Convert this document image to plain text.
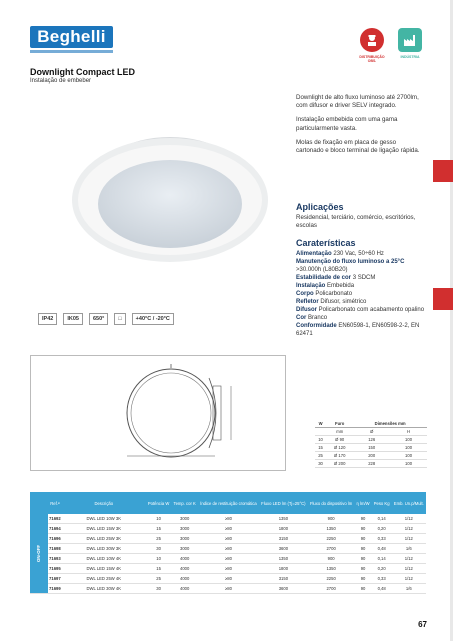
Beghelli
DISTRIBUIÇÃO OBS.
INDÚSTRIA
Downlight Compact LED
Instalação de embeber

Downlight de alto fluxo luminoso até 2700lm, com difusor e driver SELV integrado.

Instalação embebida com uma gama particularmente vasta.

Molas de fixação em placa de gesso cartonado e bloco terminal de ligação rápida.

Aplicações
Residencial, terciário, comércio, escritórios, escolas
Caraterísticas
Alimentação 230 Vac, 50÷60 Hz
Manutenção do fluxo luminoso a 25°C >30.000h (L80B20)
Estabilidade de cor 3 SDCM
Instalação Embebida
Corpo Policarbonato
Refletor Difusor, simétrico
Difusor Policarbonato com acabamento opalino
Cor Branco
Conformidade EN60598-1, EN60598-2-2, EN 62471
IP42	IK05	650°	□	+40°C / -20°C
W	Furo	Dimensões mm	
	mm	Ø	H
10	Ø 90	126	100
15	Ø 120	150	100
25	Ø 170	200	100
30	Ø 200	228	100
	Ref.ª	Descrição	Potência W	Temp. cor K	Índice de restituição cromática	Fluxo LED lm (Tj=25°C)	Fluxo do dispositivo lm	η lm/W	Peso Kg	Emb. Un.p/Mult.
ON-OFF	71692	DWL LED 10W 3K	10	3000	≥80	1350	900	90	0,14	1/12
	71694	DWL LED 15W 3K	15	3000	≥80	1800	1350	90	0,20	1/12
	71696	DWL LED 25W 3K	25	3000	≥80	3150	2250	90	0,33	1/12
	71698	DWL LED 30W 3K	30	3000	≥80	3600	2700	90	0,48	1/6
	71693	DWL LED 10W 4K	10	4000	≥80	1350	900	90	0,14	1/12
	71695	DWL LED 15W 4K	15	4000	≥80	1800	1350	90	0,20	1/12
	71697	DWL LED 25W 4K	25	4000	≥80	3150	2250	90	0,33	1/12
	71699	DWL LED 30W 4K	30	4000	≥80	3600	2700	90	0,48	1/6
67
